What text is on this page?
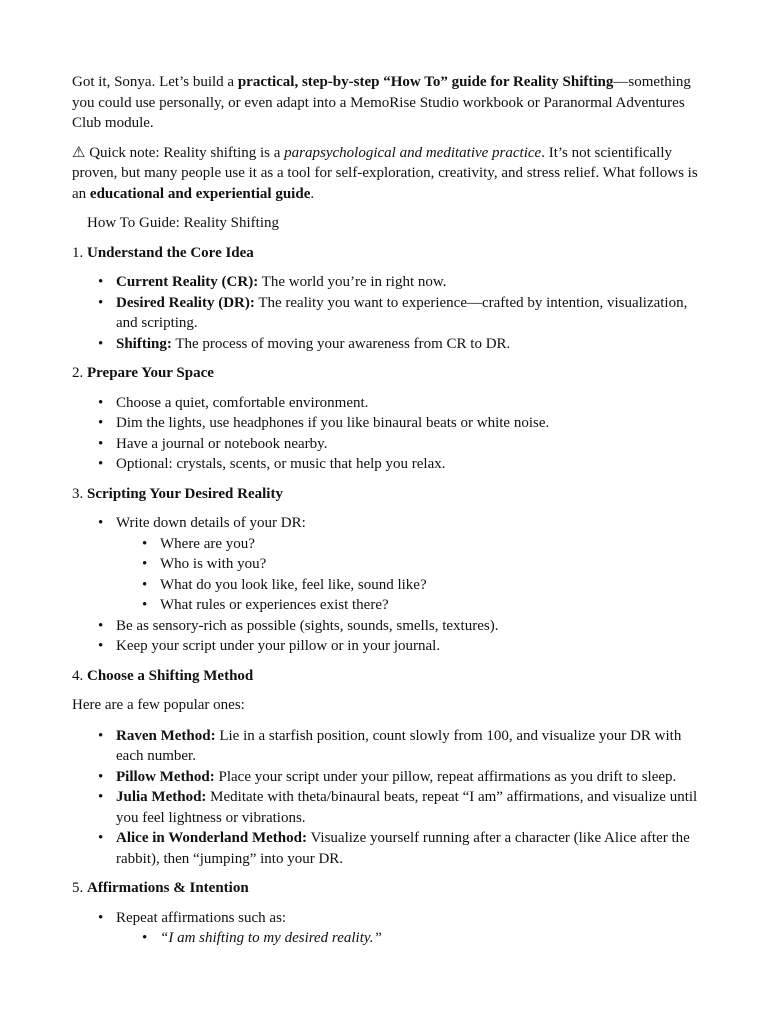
Got it, Sonya. Let’s build a practical, step-by-step “How To” guide for Reality Shifting—something you could use personally, or even adapt into a MemoRise Studio workbook or Paranormal Adventures Club module.

⚠ Quick note: Reality shifting is a parapsychological and meditative practice. It’s not scientifically proven, but many people use it as a tool for self-exploration, creativity, and stress relief. What follows is an educational and experiential guide.

How To Guide: Reality Shifting

1. Understand the Core Idea

• Current Reality (CR): The world you’re in right now.
• Desired Reality (DR): The reality you want to experience—crafted by intention, visualization, and scripting.
• Shifting: The process of moving your awareness from CR to DR.

2. Prepare Your Space

• Choose a quiet, comfortable environment.
• Dim the lights, use headphones if you like binaural beats or white noise.
• Have a journal or notebook nearby.
• Optional: crystals, scents, or music that help you relax.

3. Scripting Your Desired Reality

• Write down details of your DR:
• Where are you?
• Who is with you?
• What do you look like, feel like, sound like?
• What rules or experiences exist there?
• Be as sensory-rich as possible (sights, sounds, smells, textures).
• Keep your script under your pillow or in your journal.

4. Choose a Shifting Method

Here are a few popular ones:

• Raven Method: Lie in a starfish position, count slowly from 100, and visualize your DR with each number.
• Pillow Method: Place your script under your pillow, repeat affirmations as you drift to sleep.
• Julia Method: Meditate with theta/binaural beats, repeat “I am” affirmations, and visualize until you feel lightness or vibrations.
• Alice in Wonderland Method: Visualize yourself running after a character (like Alice after the rabbit), then “jumping” into your DR.

5. Affirmations & Intention

• Repeat affirmations such as:
• “I am shifting to my desired reality.”
